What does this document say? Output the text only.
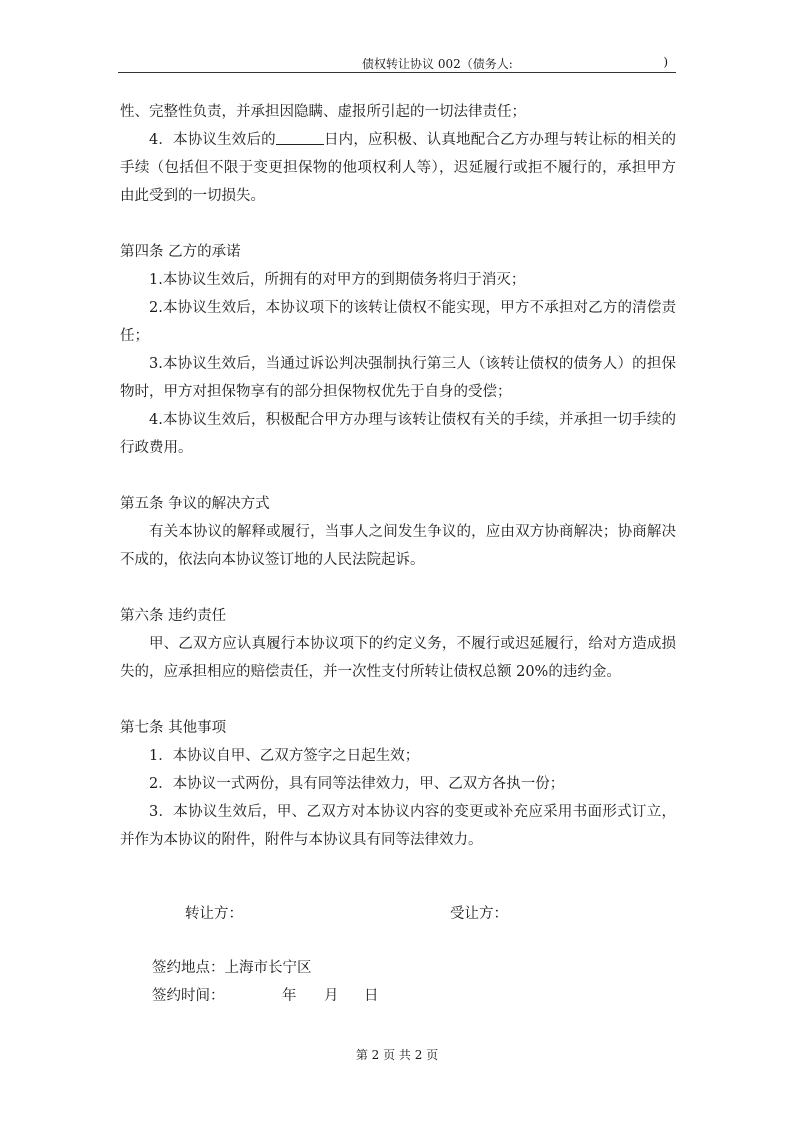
债权转让协议 002（债务人:	)

性、完整性负责，并承担因隐瞒、虚报所引起的一切法律责任；

4．本协议生效后的	日内，应积极、认真地配合乙方办理与转让标的相关的手续（包括但不限于变更担保物的他项权利人等），迟延履行或拒不履行的，承担甲方由此受到的一切损失。

第四条 乙方的承诺

1.本协议生效后，所拥有的对甲方的到期债务将归于消灭；

2.本协议生效后，本协议项下的该转让债权不能实现，甲方不承担对乙方的清偿责任；

3.本协议生效后，当通过诉讼判决强制执行第三人（该转让债权的债务人）的担保物时，甲方对担保物享有的部分担保物权优先于自身的受偿；

4.本协议生效后，积极配合甲方办理与该转让债权有关的手续，并承担一切手续的行政费用。

第五条 争议的解决方式

有关本协议的解释或履行，当事人之间发生争议的，应由双方协商解决；协商解决不成的，依法向本协议签订地的人民法院起诉。

第六条 违约责任

甲、乙双方应认真履行本协议项下的约定义务，不履行或迟延履行，给对方造成损失的，应承担相应的赔偿责任，并一次性支付所转让债权总额 20%的违约金。

第七条 其他事项

1．本协议自甲、乙双方签字之日起生效；

2．本协议一式两份，具有同等法律效力，甲、乙双方各执一份；

3．本协议生效后，甲、乙双方对本协议内容的变更或补充应采用书面形式订立，并作为本协议的附件，附件与本协议具有同等法律效力。

转让方：	受让方：
签约地点：上海市长宁区
签约时间：	年 月 日
第 2 页 共 2 页
